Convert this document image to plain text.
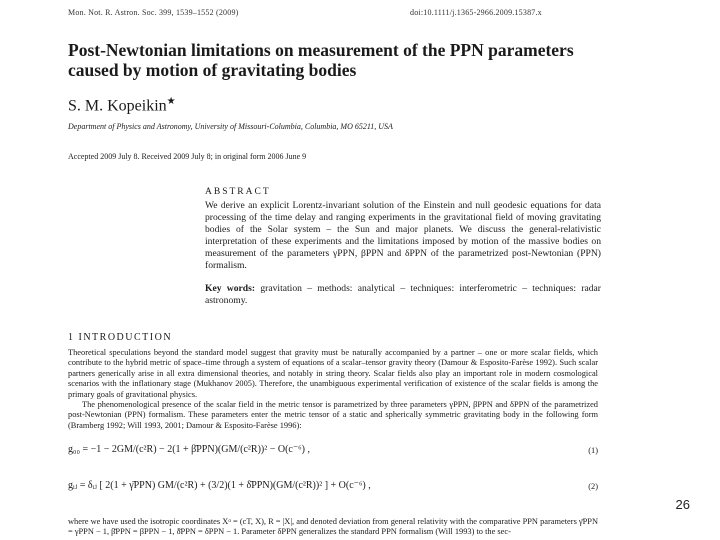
Mon. Not. R. Astron. Soc. 399, 1539–1552 (2009)	doi:10.1111/j.1365-2966.2009.15387.x
Post-Newtonian limitations on measurement of the PPN parameters caused by motion of gravitating bodies
S. M. Kopeikin★
Department of Physics and Astronomy, University of Missouri-Columbia, Columbia, MO 65211, USA
Accepted 2009 July 8. Received 2009 July 8; in original form 2006 June 9
ABSTRACT
We derive an explicit Lorentz-invariant solution of the Einstein and null geodesic equations for data processing of the time delay and ranging experiments in the gravitational field of moving gravitating bodies of the Solar system – the Sun and major planets. We discuss the general-relativistic interpretation of these experiments and the limitations imposed by motion of the massive bodies on measurement of the parameters γPPN, βPPN and δPPN of the parametrized post-Newtonian (PPN) formalism.
Key words: gravitation – methods: analytical – techniques: interferometric – techniques: radar astronomy.
1 INTRODUCTION

Theoretical speculations beyond the standard model suggest that gravity must be naturally accompanied by a partner – one or more scalar fields, which contribute to the hybrid metric of space–time through a system of equations of a scalar–tensor gravity theory (Damour & Esposito-Farèse 1992). Such scalar partners generically arise in all extra dimensional theories, and notably in string theory. Scalar fields also play an important role in modern cosmological scenarios with the inflationary stage (Mukhanov 2005). Therefore, the unambiguous experimental verification of existence of the scalar fields is among the primary goals of gravitational physics.

The phenomenological presence of the scalar field in the metric tensor is parametrized by three parameters γPPN, βPPN and δPPN of the parametrized post-Newtonian (PPN) formalism. These parameters enter the metric tensor of a static and spherically symmetric gravitating body in the following form (Bramberg 1992; Will 1993, 2001; Damour & Esposito-Farèse 1996):

g₀₀ = −1 − 2GM/(c²R) − 2(1 + β̄PPN)(GM/(c²R))² − O(c⁻⁶) ,	(1)
gᵢⱼ = δᵢⱼ [ 2(1 + γ̄PPN) GM/(c²R) + (3/2)(1 + δ̄PPN)(GM/(c²R))² ] + O(c⁻⁶) ,	(2)

where we have used the isotropic coordinates Xᵅ = (cT, X), R = |X|, and denoted deviation from general relativity with the comparative PPN parameters γ̄PPN = γPPN − 1, β̄PPN = βPPN − 1, δ̄PPN = δPPN − 1. Parameter δPPN generalizes the standard PPN formalism (Will 1993) to the sec-

26
